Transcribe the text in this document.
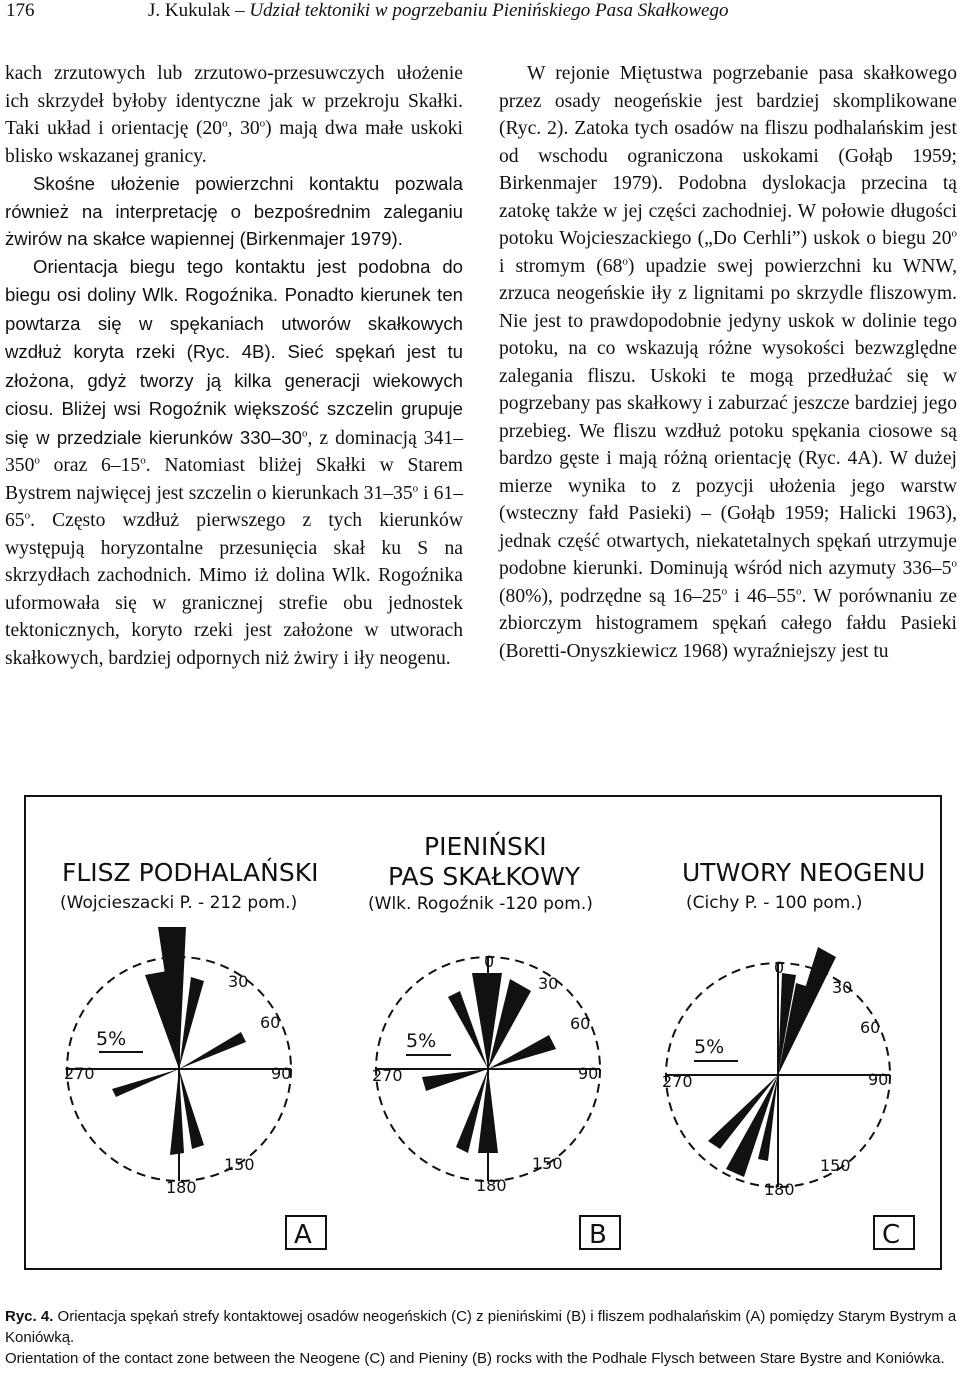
176	J. Kukulak – Udział tektoniki w pogrzebaniu Pienińskiego Pasa Skałkowego

kach zrzutowych lub zrzutowo-przesuwczych ułożenie ich skrzydeł byłoby identyczne jak w przekroju Skałki. Taki układ i orientację (20$^o$, 30$^o$) mają dwa małe uskoki blisko wskazanej granicy.

Skośne ułożenie powierzchni kontaktu pozwala również na interpretację o bezpośrednim zaleganiu żwirów na skałce wapiennej (Birkenmajer 1979).

Orientacja biegu tego kontaktu jest podobna do biegu osi doliny Wlk. Rogoźnika. Ponadto kierunek ten powtarza się w spękaniach utworów skałkowych wzdłuż koryta rzeki (Ryc. 4B). Sieć spękań jest tu złożona, gdyż tworzy ją kilka generacji wiekowych ciosu. Bliżej wsi Rogoźnik większość szczelin grupuje się w przedziale kierunków 330–30$^o$, z dominacją 341–350$^o$ oraz 6–15$^o$. Natomiast bliżej Skałki w Starem Bystrem najwięcej jest szczelin o kierunkach 31–35$^o$ i 61–65$^o$. Często wzdłuż pierwszego z tych kierunków występują horyzontalne przesunięcia skał ku S na skrzydłach zachodnich. Mimo iż dolina Wlk. Rogoźnika uformowała się w granicznej strefie obu jednostek tektonicznych, koryto rzeki jest założone w utworach skałkowych, bardziej odpornych niż żwiry i iły neogenu.

W rejonie Miętustwa pogrzebanie pasa skałkowego przez osady neogeńskie jest bardziej skomplikowane (Ryc. 2). Zatoka tych osadów na fliszu podhalańskim jest od wschodu ograniczona uskokami (Gołąb 1959; Birkenmajer 1979). Podobna dyslokacja przecina tą zatokę także w jej części zachodniej. W połowie długości potoku Wojcieszackiego („Do Cerhli”) uskok o biegu 20$^o$ i stromym (68$^o$) upadzie swej powierzchni ku WNW, zrzuca neogeńskie iły z lignitami po skrzydle fliszowym. Nie jest to prawdopodobnie jedyny uskok w dolinie tego potoku, na co wskazują różne wysokości bezwzględne zalegania fliszu. Uskoki te mogą przedłużać się w pogrzebany pas skałkowy i zaburzać jeszcze bardziej jego przebieg. We fliszu wzdłuż potoku spękania ciosowe są bardzo gęste i mają różną orientację (Ryc. 4A). W dużej mierze wynika to z pozycji ułożenia jego warstw (wsteczny fałd Pasieki) – (Gołąb 1959; Halicki 1963), jednak część otwartych, niekatetalnych spękań utrzymuje podobne kierunki. Dominują wśród nich azymuty 336–5$^o$ (80%), podrzędne są 16–25$^o$ i 46–55$^o$. W porównaniu ze zbiorczym histogramem spękań całego fałdu Pasieki (Boretti-Onyszkiewicz 1968) wyraźniejszy jest tu

FLISZ PODHALAŃSKI
(Wojcieszacki P. - 212 pom.)
5%
0
30
60
90
150
180
270
A
PIENIŃSKI
PAS SKAŁKOWY
(Wlk. Rogoźnik -120 pom.)
5%
0
30
60
90
150
180
270
B
UTWORY NEOGENU
(Cichy P. - 100 pom.)
5%
0
30
60
90
150
180
270
C

Ryc. 4. Orientacja spękań strefy kontaktowej osadów neogeńskich (C) z pienińskimi (B) i fliszem podhalańskim (A) pomiędzy Starym Bystrym a Koniówką.

Orientation of the contact zone between the Neogene (C) and Pieniny (B) rocks with the Podhale Flysch between Stare Bystre and Koniówka.
